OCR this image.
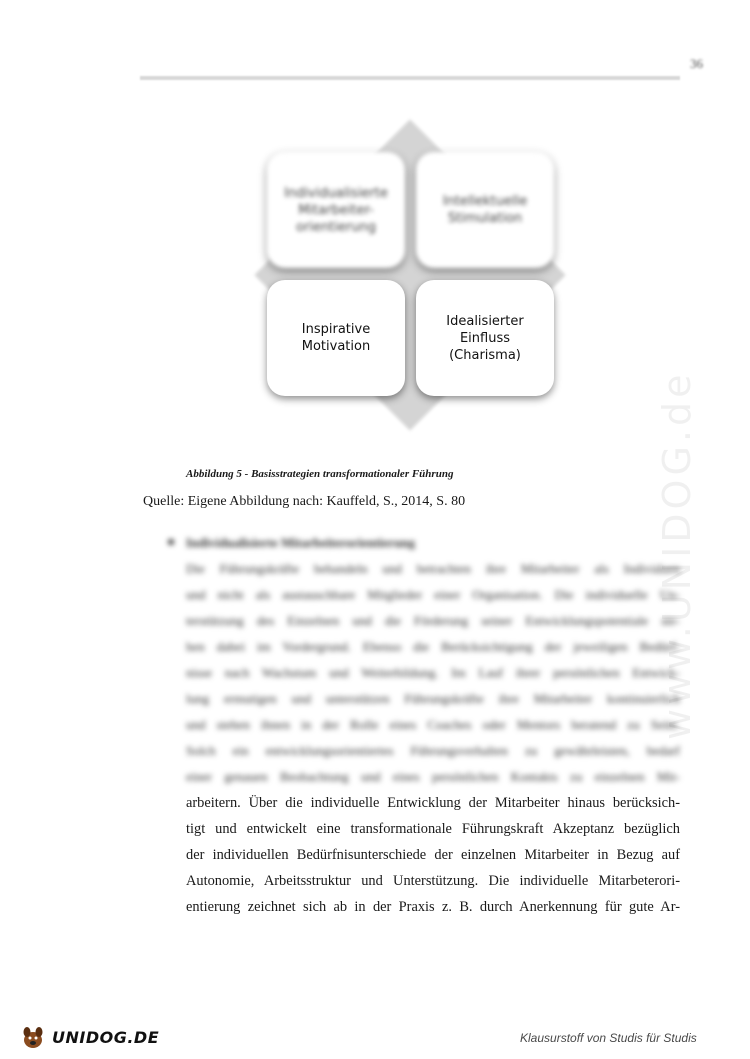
36
Individualisierte
Mitarbeiter-
orientierung
Intellektuelle
Stimulation
Inspirative
Motivation
Idealisierter
Einfluss
(Charisma)
Abbildung 5 - Basisstrategien transformationaler Führung
Quelle: Eigene Abbildung nach: Kauffeld, S., 2014, S. 80
Individualisierte Mitarbeiterorientierung
Die Führungskräfte behandeln und betrachten ihre Mitarbeiter als Individuen
und nicht als austauschbare Mitglieder einer Organisation. Die individuelle Un-
terstützung des Einzelnen und die Förderung seiner Entwicklungspotentiale ste-
hen dabei im Vordergrund. Ebenso die Berücksichtigung der jeweiligen Bedürf-
nisse nach Wachstum und Weiterbildung. Im Lauf ihrer persönlichen Entwick-
lung ermutigen und unterstützen Führungskräfte ihre Mitarbeiter kontinuierlich
und stehen ihnen in der Rolle eines Coaches oder Mentors beratend zu Seite.
Solch ein entwicklungsorientiertes Führungsverhalten zu gewährleisten, bedarf
einer genauen Beobachtung und eines persönlichen Kontakts zu einzelnen Mit-
arbeitern. Über die individuelle Entwicklung der Mitarbeiter hinaus berücksich-
tigt und entwickelt eine transformationale Führungskraft Akzeptanz bezüglich
der individuellen Bedürfnisunterschiede der einzelnen Mitarbeiter in Bezug auf
Autonomie, Arbeitsstruktur und Unterstützung. Die individuelle Mitarbeterori-
entierung zeichnet sich ab in der Praxis z. B. durch Anerkennung für gute Ar-
www.UNIDOG.de
UNIDOG.DE	Klausurstoff von Studis für Studis
